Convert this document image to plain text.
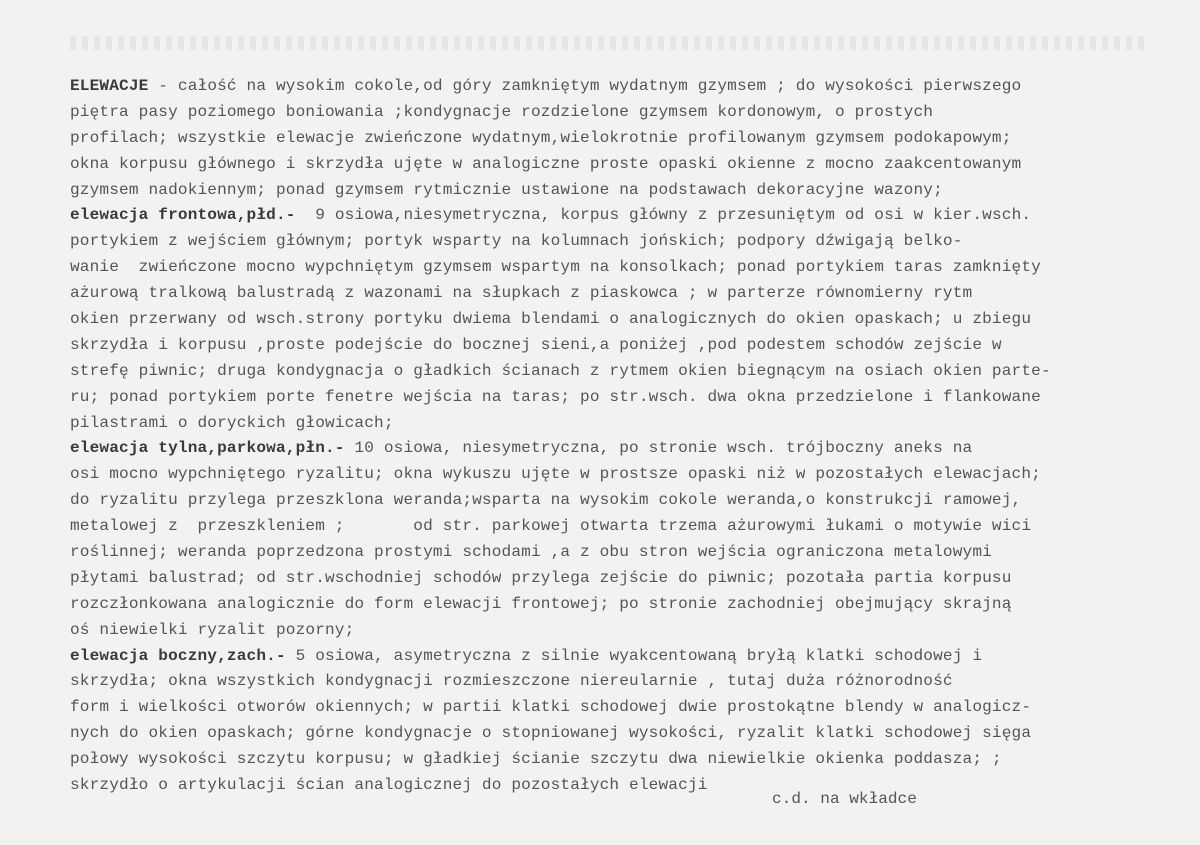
ELEWACJE - całość na wysokim cokole,od góry zamkniętym wydatnym gzymsem ; do wysokości pierwszego
piętra pasy poziomego boniowania ;kondygnacje rozdzielone gzymsem kordonowym, o prostych
profilach; wszystkie elewacje zwieńczone wydatnym,wielokrotnie profilowanym gzymsem podokapowym;
okna korpusu głównego i skrzydła ujęte w analogiczne proste opaski okienne z mocno zaakcentowanym
gzymsem nadokiennym; ponad gzymsem rytmicznie ustawione na podstawach dekoracyjne wazony;
elewacja frontowa,płd.-  9 osiowa,niesymetryczna, korpus główny z przesuniętym od osi w kier.wsch.
portykiem z wejściem głównym; portyk wsparty na kolumnach jońskich; podpory dźwigają belko-
wanie  zwieńczone mocno wypchniętym gzymsem wspartym na konsolkach; ponad portykiem taras zamknięty
ażurową tralkową balustradą z wazonami na słupkach z piaskowca ; w parterze równomierny rytm
okien przerwany od wsch.strony portyku dwiema blendami o analogicznych do okien opaskach; u zbiegu
skrzydła i korpusu ,proste podejście do bocznej sieni,a poniżej ,pod podestem schodów zejście w
strefę piwnic; druga kondygnacja o gładkich ścianach z rytmem okien biegnącym na osiach okien parte-
ru; ponad portykiem porte fenetre wejścia na taras; po str.wsch. dwa okna przedzielone i flankowane
pilastrami o doryckich głowicach;
elewacja tylna,parkowa,płn.- 10 osiowa, niesymetryczna, po stronie wsch. trójboczny aneks na
osi mocno wypchniętego ryzalitu; okna wykuszu ujęte w prostsze opaski niż w pozostałych elewacjach;
do ryzalitu przylega przeszklona weranda;wsparta na wysokim cokole weranda,o konstrukcji ramowej,
metalowej z  przeszkleniem ;       od str. parkowej otwarta trzema ażurowymi łukami o motywie wici
roślinnej; weranda poprzedzona prostymi schodami ,a z obu stron wejścia ograniczona metalowymi
płytami balustrad; od str.wschodniej schodów przylega zejście do piwnic; pozotała partia korpusu
rozczłonkowana analogicznie do form elewacji frontowej; po stronie zachodniej obejmujący skrajną
oś niewielki ryzalit pozorny;
elewacja boczny,zach.- 5 osiowa, asymetryczna z silnie wyakcentowaną bryłą klatki schodowej i
skrzydła; okna wszystkich kondygnacji rozmieszczone niereularnie , tutaj duża różnorodność
form i wielkości otworów okiennych; w partii klatki schodowej dwie prostokątne blendy w analogicz-
nych do okien opaskach; górne kondygnacje o stopniowanej wysokości, ryzalit klatki schodowej sięga
połowy wysokości szczytu korpusu; w gładkiej ścianie szczytu dwa niewielkie okienka poddasza; ;
skrzydło o artykulacji ścian analogicznej do pozostałych elewacji
c.d. na wkładce
